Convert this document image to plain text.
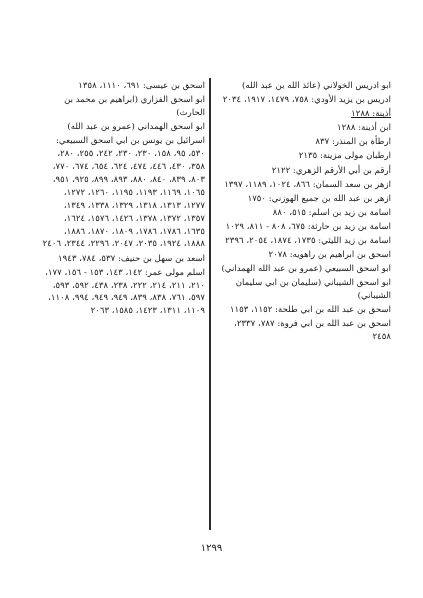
ابو ادريس الخولاني (عائذ الله بن عبد الله)
ادريس بن يزيد الأودي: ٧٥٨، ١٤٧٩، ١٩١٧، ٢٠٣٤
أذينة: ١٢٨٨
ابن أذينة: ١٢٨٨
ارطأة بن المنذر: ٨٣٧
ارطبان مولى مزينة: ٢١٣٥
أرقم بن أبي الأرقم الزهري: ٢١٢٢
ازهر بن سعد السمان: ٨٦٦، ١٠٢٤، ١١٨٩، ١٣٩٧
ازهر بن عبد الله بن جميع الهوزني: ١٧٥٠
اسامة بن زيد بن اسلم: ٥١٥، ٨٨٠
اسامة بن زيد بن حارثة: ٦٧٥، ٨٠٨ - ٨١١، ١٠٢٩
اسامة بن زيد الليثي: ١٧٣٥، ١٨٧٤، ٢٠٥٤، ٢٣٩٦
اسحق بن ابراهيم بن راهويه: ٢٠٧٨
ابو اسحق السبيعي (عمرو بن عبد الله الهمداني)
ابو اسحق الشيباني (سليمان بن ابي سليمان الشيباني)
اسحق بن عبد الله بن ابي طلحة: ١١٥٢، ١١٥٣
اسحق بن عبد الله بن ابي فروة: ٧٨٧، ٢٣٣٧، ٢٤٥٨
اسحق بن عيسى: ٦٩١، ١١١٠، ١٣٥٨
ابو اسحق الفزاري (ابراهيم بن محمد بن الحارث)
ابو اسحق الهمداني (عمرو بن عبد الله)
اسرائيل بن يونس بن ابي اسحق السبيعي: ٥٣٠، ٩٥، ١٥٨، ٢٣٠، ٢٣٠، ٢٤٢، ٢٥٥، ٢٨٠، ٣٥٨، ٤٣٠، ٤٤٦، ٤٧٤، ٦٢٤، ٦٥٤، ٦٧٤، ٧٧٠، ٨٠٣، ٨٣٩، ٨٤٠، ٨٨٠، ٨٩٣، ٨٩٩، ٩٢٥، ٩٥١، ١٠٦٥، ١١٦٩، ١١٩٣، ١١٩٥، ١٢٦٠، ١٢٧٢، ١٢٧٧، ١٣١٣، ١٣١٨، ١٣٢٩، ١٣٣٨، ١٣٤٩، ١٣٥٧، ١٣٧٢، ١٣٧٨، ١٤٢٦، ١٥٧٦، ١٦٢٤، ١٦٣٥، ١٧٨٦، ١٧٨٦، ١٨٠٩، ١٨٧٠، ١٨٨٦، ١٨٨٨، ١٩٢٤، ٢٠٣٥، ٢٠٤٧، ٢٢٩٦، ٢٣٤٤، ٢٤٠٦
اسعد بن سهل بن حنيف: ٥٣٧، ٧٨٤، ١٩٤٣
اسلم مولى عمر: ١٤٢، ١٤٣، ١٥٣ - ١٥٦، ١٧٧، ٢١٠، ٢١١، ٢١٤، ٢٢٢، ٢٣٨، ٤٣٨، ٥٩٢، ٥٩٣، ٥٩٧، ٧٦١، ٨٣٨، ٨٣٩، ٩٤٩، ٩٤٩، ٩٩٤، ١١٠٨، ١١٠٩، ١٣١١، ١٤٢٣، ١٥٨٥، ٢٠٦٣
١٢٩٩
